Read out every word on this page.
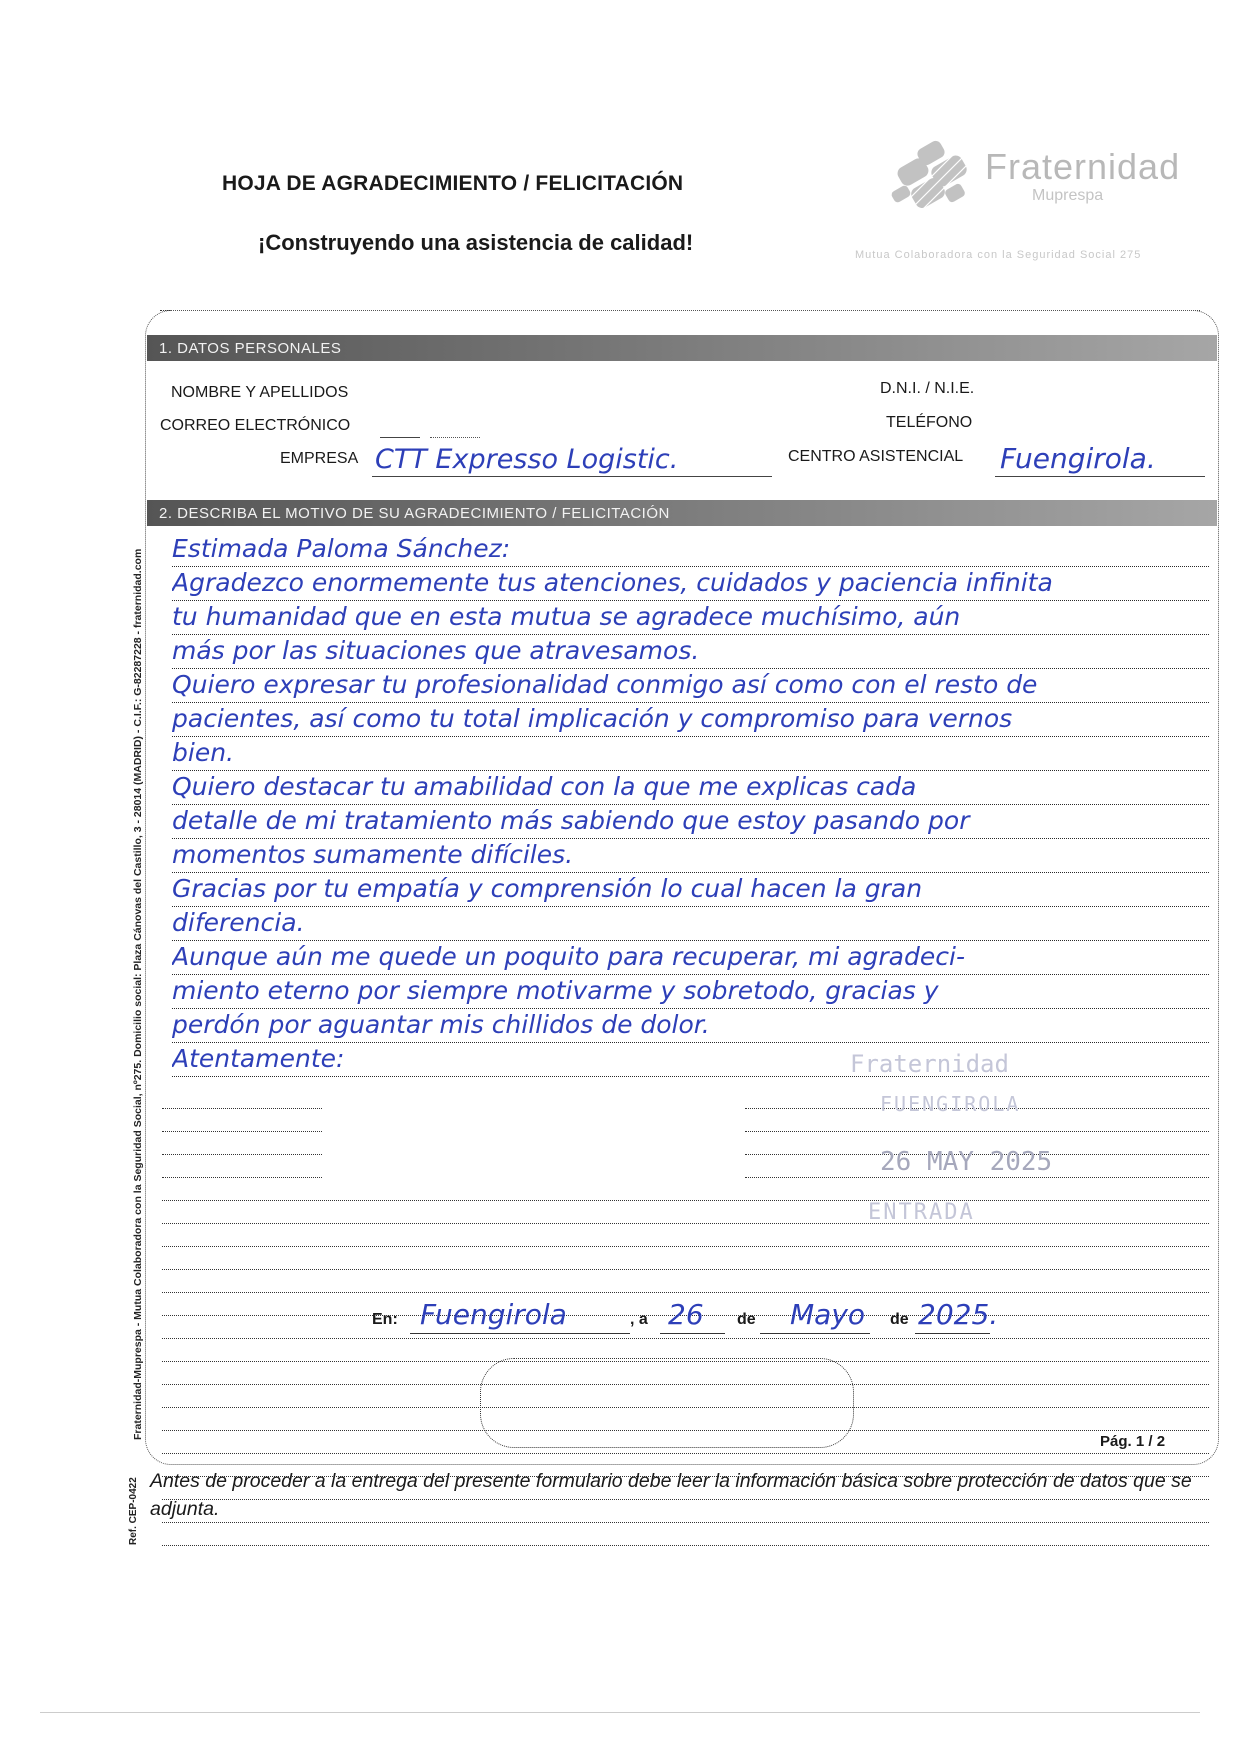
HOJA DE AGRADECIMIENTO / FELICITACIÓN
¡Construyendo una asistencia de calidad!
Fraternidad
Muprespa
Mutua Colaboradora con la Seguridad Social 275
Fraternidad-Muprespa - Mutua Colaboradora con la Seguridad Social, nº275. Domicilio social: Plaza Cánovas del Castillo, 3 - 28014 (MADRID) - C.I.F.: G-82287228 - fraternidad.com
Ref. CEP-0422
1. DATOS PERSONALES
NOMBRE Y APELLIDOS	D.N.I. / N.I.E.
CORREO ELECTRÓNICO	TELÉFONO
EMPRESA CTT Expresso Logistic.	CENTRO ASISTENCIAL Fuengirola.
2. DESCRIBA EL MOTIVO DE SU AGRADECIMIENTO / FELICITACIÓN
Estimada Paloma Sánchez:
Agradezco enormemente tus atenciones, cuidados y paciencia infinita
tu humanidad que en esta mutua se agradece muchísimo, aún
más por las situaciones que atravesamos.
Quiero expresar tu profesionalidad conmigo así como con el resto de
pacientes, así como tu total implicación y compromiso para vernos
bien.
Quiero destacar tu amabilidad con la que me explicas cada
detalle de mi tratamiento más sabiendo que estoy pasando por
momentos sumamente difíciles.
Gracias por tu empatía y comprensión lo cual hacen la gran
diferencia.
Aunque aún me quede un poquito para recuperar, mi agradeci-
miento eterno por siempre motivarme y sobretodo, gracias y
perdón por aguantar mis chillidos de dolor.
Atentamente:	Fraternidad
FUENGIROLA
26 MAY 2025
ENTRADA
En: Fuengirola	, a 26 de Mayo de 2025.
Pág. 1 / 2
Antes de proceder a la entrega del presente formulario debe leer la información básica sobre protección de datos que se adjunta.
